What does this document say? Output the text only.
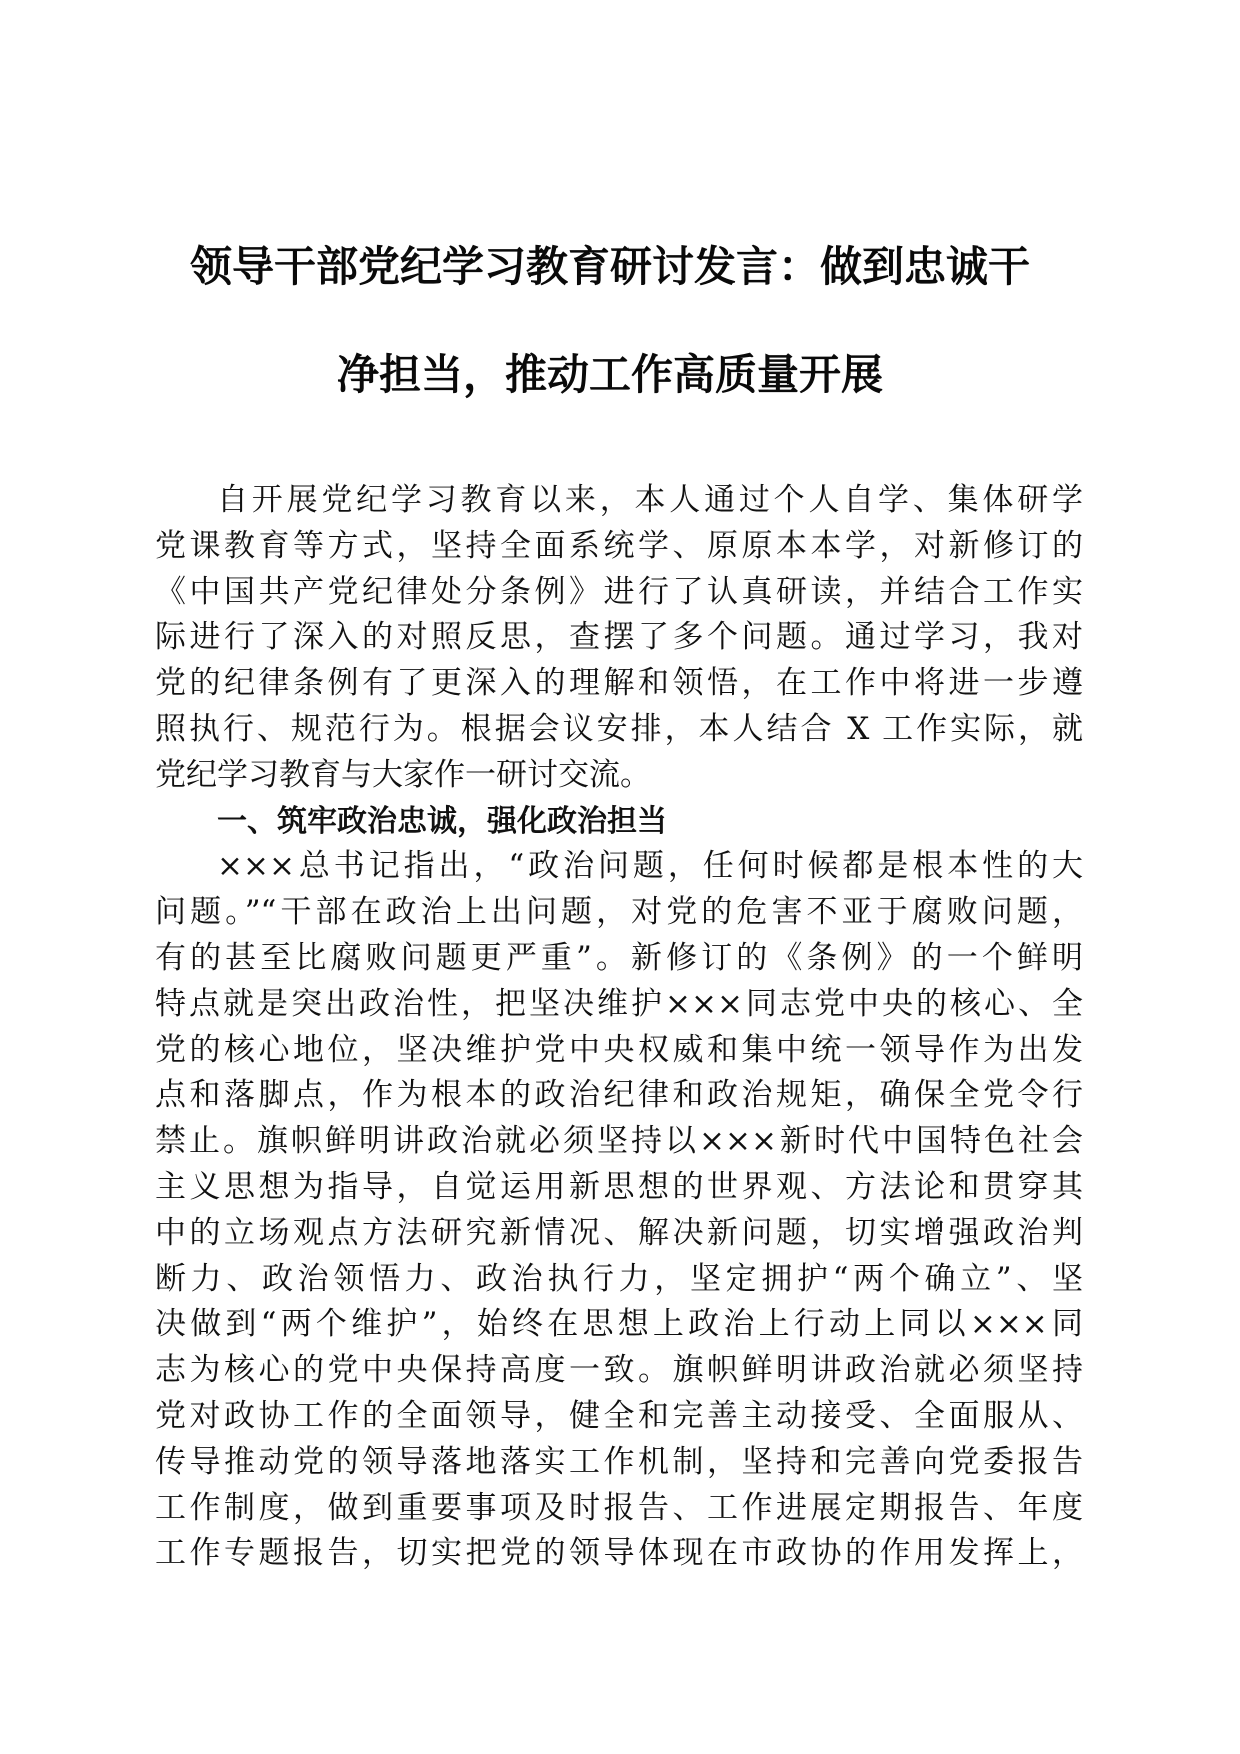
领导干部党纪学习教育研讨发言：做到忠诚干
净担当，推动工作高质量开展
自开展党纪学习教育以来，本人通过个人自学、集体研学
党课教育等方式，坚持全面系统学、原原本本学，对新修订的
《中国共产党纪律处分条例》进行了认真研读，并结合工作实
际进行了深入的对照反思，查摆了多个问题。通过学习，我对
党的纪律条例有了更深入的理解和领悟，在工作中将进一步遵
照执行、规范行为。根据会议安排，本人结合 X 工作实际，就
党纪学习教育与大家作一研讨交流。
一、筑牢政治忠诚，强化政治担当
×××总书记指出，“政治问题，任何时候都是根本性的大
问题。”“干部在政治上出问题，对党的危害不亚于腐败问题，
有的甚至比腐败问题更严重”。新修订的《条例》的一个鲜明
特点就是突出政治性，把坚决维护×××同志党中央的核心、全
党的核心地位，坚决维护党中央权威和集中统一领导作为出发
点和落脚点，作为根本的政治纪律和政治规矩，确保全党令行
禁止。旗帜鲜明讲政治就必须坚持以×××新时代中国特色社会
主义思想为指导，自觉运用新思想的世界观、方法论和贯穿其
中的立场观点方法研究新情况、解决新问题，切实增强政治判
断力、政治领悟力、政治执行力，坚定拥护“两个确立”、坚
决做到“两个维护”，始终在思想上政治上行动上同以×××同
志为核心的党中央保持高度一致。旗帜鲜明讲政治就必须坚持
党对政协工作的全面领导，健全和完善主动接受、全面服从、
传导推动党的领导落地落实工作机制，坚持和完善向党委报告
工作制度，做到重要事项及时报告、工作进展定期报告、年度
工作专题报告，切实把党的领导体现在市政协的作用发挥上，
